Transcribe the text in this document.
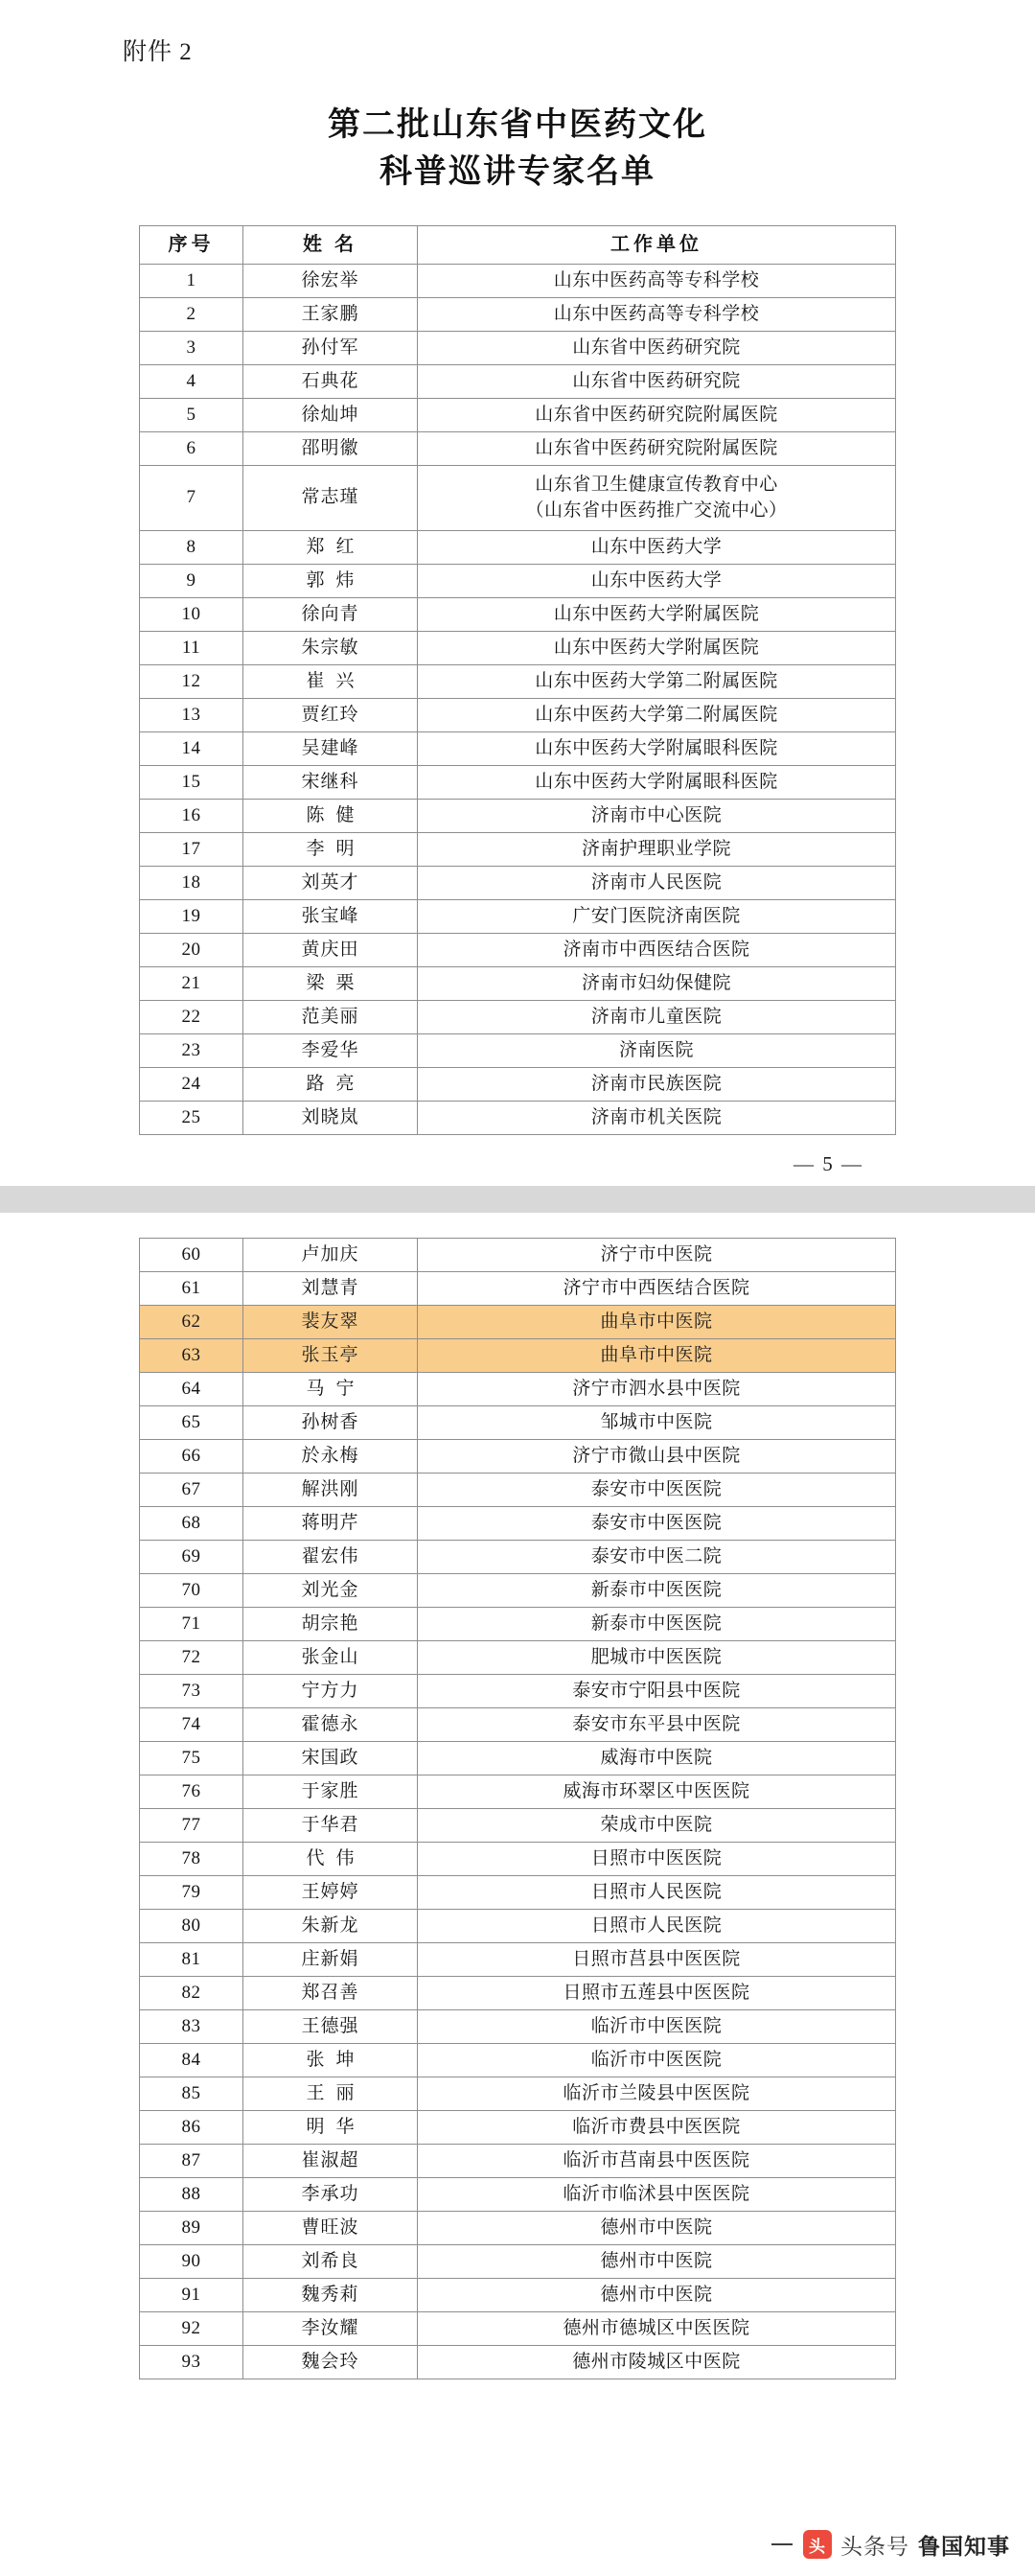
附件 2
第二批山东省中医药文化
科普巡讲专家名单
序号	姓 名	工作单位
1	徐宏举	山东中医药高等专科学校

2	王家鹏	山东中医药高等专科学校

3	孙付军	山东省中医药研究院

4	石典花	山东省中医药研究院

5	徐灿坤	山东省中医药研究院附属医院

6	邵明徽	山东省中医药研究院附属医院

7	常志瑾	山东省卫生健康宣传教育中心
（山东省中医药推广交流中心）

8	郑红	山东中医药大学

9	郭炜	山东中医药大学

10	徐向青	山东中医药大学附属医院

11	朱宗敏	山东中医药大学附属医院

12	崔兴	山东中医药大学第二附属医院

13	贾红玲	山东中医药大学第二附属医院

14	吴建峰	山东中医药大学附属眼科医院

15	宋继科	山东中医药大学附属眼科医院

16	陈健	济南市中心医院

17	李明	济南护理职业学院

18	刘英才	济南市人民医院

19	张宝峰	广安门医院济南医院

20	黄庆田	济南市中西医结合医院

21	梁栗	济南市妇幼保健院

22	范美丽	济南市儿童医院

23	李爱华	济南医院

24	路亮	济南市民族医院

25	刘晓岚	济南市机关医院
— 5 —
60	卢加庆	济宁市中医院

61	刘慧青	济宁市中西医结合医院

62	裴友翠	曲阜市中医院

63	张玉亭	曲阜市中医院

64	马宁	济宁市泗水县中医院

65	孙树香	邹城市中医院

66	於永梅	济宁市微山县中医院

67	解洪刚	泰安市中医医院

68	蒋明芹	泰安市中医医院

69	翟宏伟	泰安市中医二院

70	刘光金	新泰市中医医院

71	胡宗艳	新泰市中医医院

72	张金山	肥城市中医医院

73	宁方力	泰安市宁阳县中医院

74	霍德永	泰安市东平县中医院

75	宋国政	威海市中医院

76	于家胜	威海市环翠区中医医院

77	于华君	荣成市中医院

78	代伟	日照市中医医院

79	王婷婷	日照市人民医院

80	朱新龙	日照市人民医院

81	庄新娟	日照市莒县中医医院

82	郑召善	日照市五莲县中医医院

83	王德强	临沂市中医医院

84	张坤	临沂市中医医院

85	王丽	临沂市兰陵县中医医院

86	明华	临沂市费县中医医院

87	崔淑超	临沂市莒南县中医医院

88	李承功	临沂市临沭县中医医院

89	曹旺波	德州市中医院

90	刘希良	德州市中医院

91	魏秀莉	德州市中医院

92	李汝耀	德州市德城区中医医院

93	魏会玲	德州市陵城区中医院
头 头条号 鲁国知事
